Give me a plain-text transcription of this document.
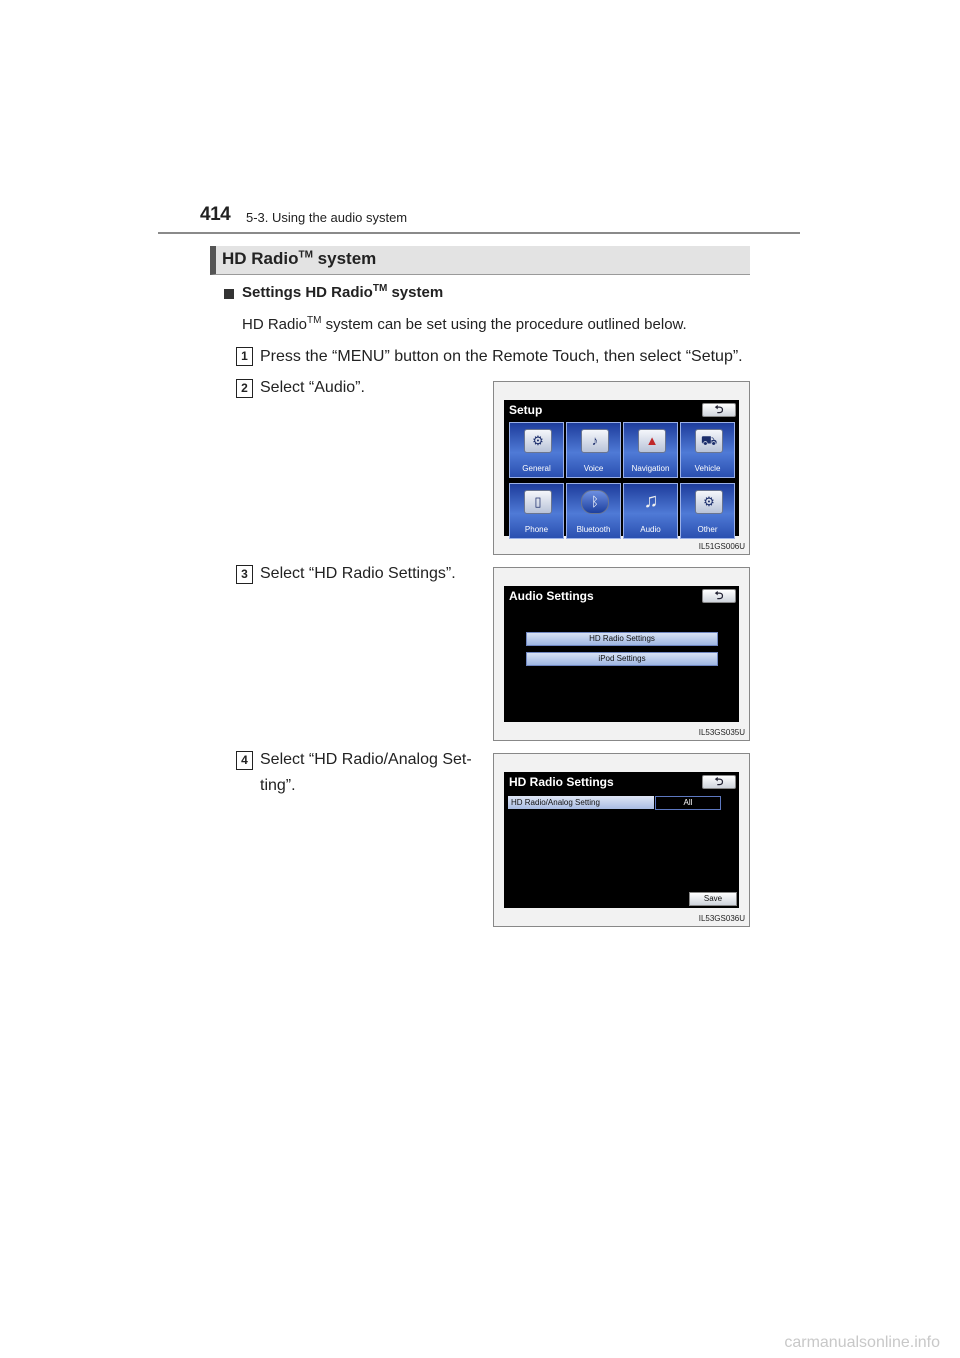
414 5-3. Using the audio system
HD Radio™ system
Settings HD Radio™ system
HD Radio™ system can be set using the procedure outlined below.
1 Press the “MENU” button on the Remote Touch, then select “Setup”.
2 Select “Audio”.
Setup	⮌
⚙
General
♪
Voice
▲
Navigation
⛟
Vehicle
▯
Phone
ᛒ
Bluetooth
♫
Audio
⚙
Other
IL51GS006U
3 Select “HD Radio Settings”.
Audio Settings	⮌
HD Radio Settings
iPod Settings
IL53GS035U
4 Select “HD Radio/Analog Set-ting”.	HD Radio Settings	⮌
HD Radio/Analog Setting	All
Save
IL53GS036U
carmanualsonline.info
